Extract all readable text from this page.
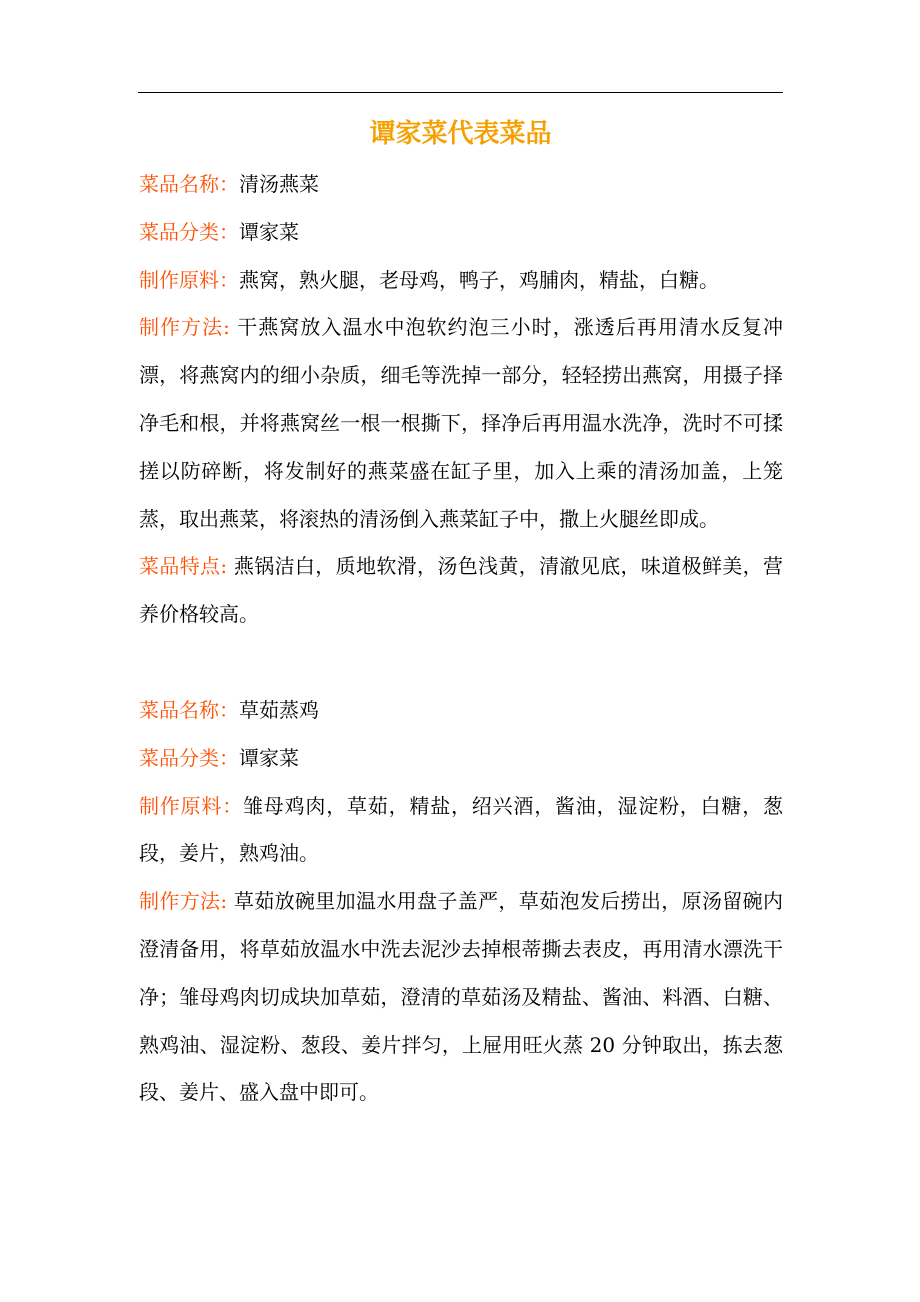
谭家菜代表菜品

菜品名称：清汤燕菜

菜品分类：谭家菜

制作原料：燕窝，熟火腿，老母鸡，鸭子，鸡脯肉，精盐，白糖。

制作方法: 干燕窝放入温水中泡软约泡三小时，涨透后再用清水反复冲漂，将燕窝内的细小杂质，细毛等洗掉一部分，轻轻捞出燕窝，用摄子择净毛和根，并将燕窝丝一根一根撕下，择净后再用温水洗净，洗时不可揉搓以防碎断，将发制好的燕菜盛在缸子里，加入上乘的清汤加盖，上笼蒸，取出燕菜，将滚热的清汤倒入燕菜缸子中，撒上火腿丝即成。

菜品特点: 燕锅洁白，质地软滑，汤色浅黄，清澈见底，味道极鲜美，营养价格较高。

菜品名称：草茹蒸鸡

菜品分类：谭家菜

制作原料：雏母鸡肉，草茹，精盐，绍兴酒，酱油，湿淀粉，白糖，葱段，姜片，熟鸡油。

制作方法: 草茹放碗里加温水用盘子盖严，草茹泡发后捞出，原汤留碗内澄清备用，将草茹放温水中洗去泥沙去掉根蒂撕去表皮，再用清水漂洗干净；雏母鸡肉切成块加草茹，澄清的草茹汤及精盐、酱油、料酒、白糖、熟鸡油、湿淀粉、葱段、姜片拌匀，上屉用旺火蒸 20 分钟取出，拣去葱段、姜片、盛入盘中即可。
